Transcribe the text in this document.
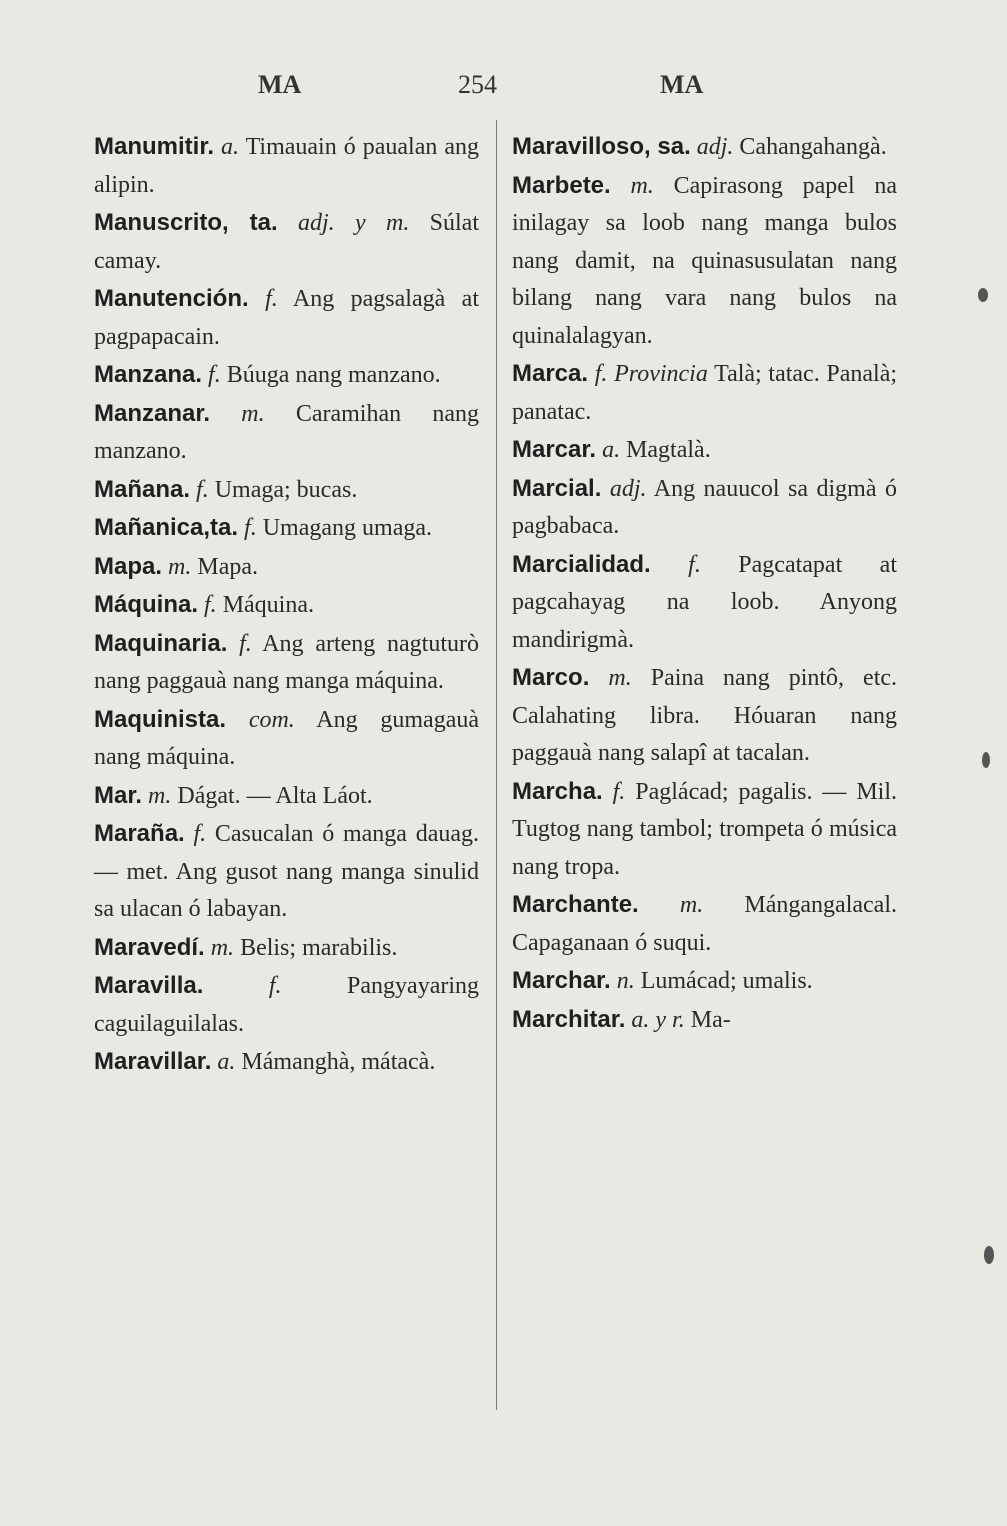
MA	254	MA
Manumitir. a. Timauain ó paualan ang alipin.
Manuscrito, ta. adj. y m. Súlat camay.
Manutención. f. Ang pagsalagà at pagpapacain.
Manzana. f. Búuga nang manzano.
Manzanar. m. Caramihan nang manzano.
Mañana. f. Umaga; bucas.
Mañanica,ta. f. Umagang umaga.
Mapa. m. Mapa.
Máquina. f. Máquina.
Maquinaria. f. Ang arteng nagtuturò nang paggauà nang manga máquina.
Maquinista. com. Ang gumagauà nang máquina.
Mar. m. Dágat. — Alta Láot.
Maraña. f. Casucalan ó manga dauag. — met. Ang gusot nang manga sinulid sa ulacan ó labayan.
Maravedí. m. Belis; marabilis.
Maravilla.	f. Pangyayaring caguilaguilalas.
Maravillar. a. Mámanghà, mátacà.
Maravilloso, sa. adj. Cahangahangà.
Marbete. m. Capirasong papel na inilagay sa loob nang manga bulos nang damit, na quinasusulatan nang bilang nang vara nang bulos na quinalalagyan.
Marca. f. Provincia Talà; tatac. Panalà; panatac.
Marcar. a. Magtalà.
Marcial. adj. Ang nauucol sa digmà ó pagbabaca.
Marcialidad. f. Pagcatapat at pagcahayag na loob. Anyong mandirigmà.
Marco. m. Paina nang pintô, etc. Calahating libra. Hóuaran nang paggauà nang salapî at tacalan.
Marcha. f. Paglácad; pagalis. — Mil. Tugtog nang tambol; trompeta ó música nang tropa.
Marchante. m. Mángangalacal. Capaganaan ó suqui.
Marchar. n. Lumácad; umalis.
Marchitar. a. y r. Ma-
